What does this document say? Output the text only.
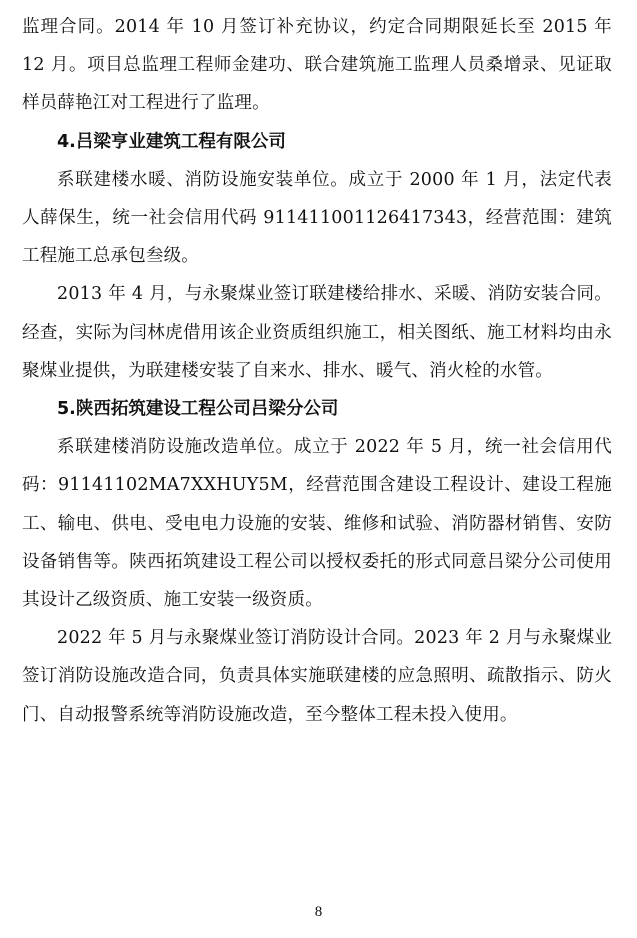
监理合同。2014 年 10 月签订补充协议，约定合同期限延长至 2015 年 12 月。项目总监理工程师金建功、联合建筑施工监理人员桑增录、见证取样员薛艳江对工程进行了监理。

4.吕梁亨业建筑工程有限公司

系联建楼水暖、消防设施安装单位。成立于 2000 年 1 月，法定代表人薛保生，统一社会信用代码 911411001126417343，经营范围：建筑工程施工总承包叁级。

2013 年 4 月，与永聚煤业签订联建楼给排水、采暖、消防安装合同。经查，实际为闫林虎借用该企业资质组织施工，相关图纸、施工材料均由永聚煤业提供，为联建楼安装了自来水、排水、暖气、消火栓的水管。

5.陕西拓筑建设工程公司吕梁分公司

系联建楼消防设施改造单位。成立于 2022 年 5 月，统一社会信用代码：91141102MA7XXHUY5M，经营范围含建设工程设计、建设工程施工、输电、供电、受电电力设施的安装、维修和试验、消防器材销售、安防设备销售等。陕西拓筑建设工程公司以授权委托的形式同意吕梁分公司使用其设计乙级资质、施工安装一级资质。

2022 年 5 月与永聚煤业签订消防设计合同。2023 年 2 月与永聚煤业签订消防设施改造合同，负责具体实施联建楼的应急照明、疏散指示、防火门、自动报警系统等消防设施改造，至今整体工程未投入使用。

8
